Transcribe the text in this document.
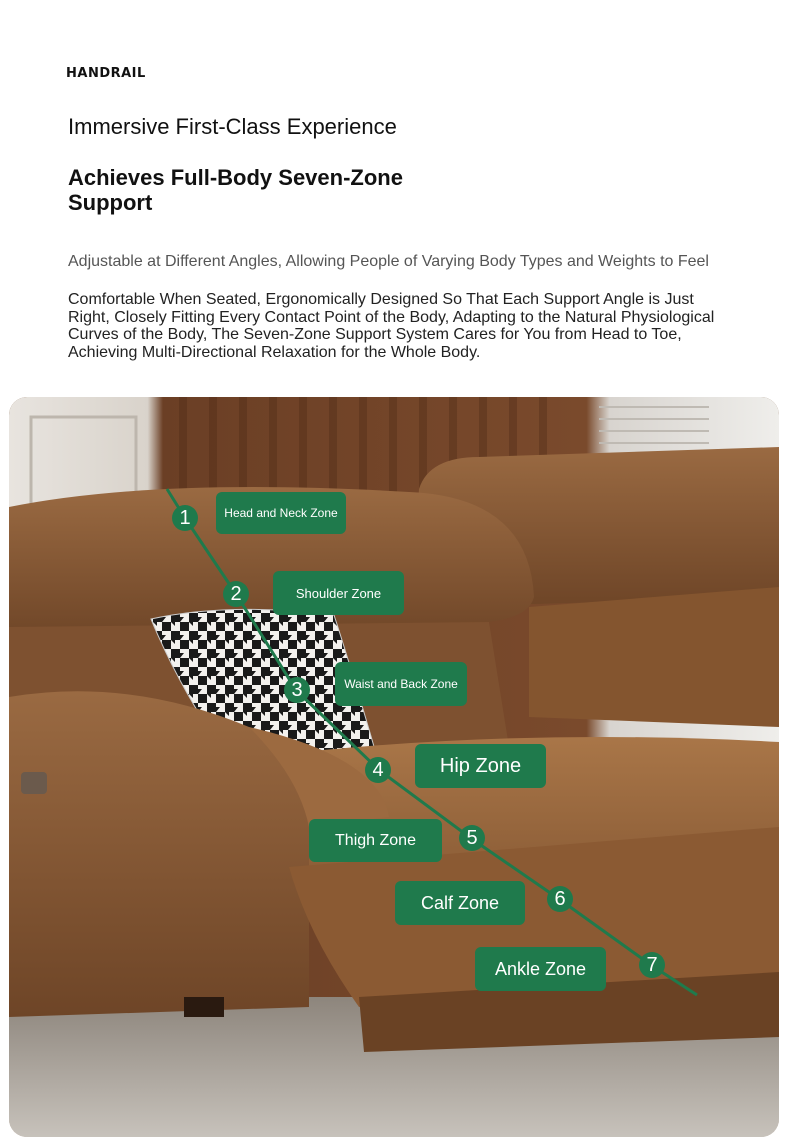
HANDRAIL
Immersive First-Class Experience
Achieves Full-Body Seven-Zone Support
Adjustable at Different Angles, Allowing People of Varying Body Types and Weights to Feel
Comfortable When Seated, Ergonomically Designed So That Each Support Angle is Just Right, Closely Fitting Every Contact Point of the Body, Adapting to the Natural Physiological Curves of the Body, The Seven-Zone Support System Cares for You from Head to Toe, Achieving Multi-Directional Relaxation for the Whole Body.
Head and Neck Zone
1
Shoulder Zone
2
Waist and Back Zone
3
Hip Zone
4
Thigh Zone	5
Calf Zone	6
Ankle Zone	7
